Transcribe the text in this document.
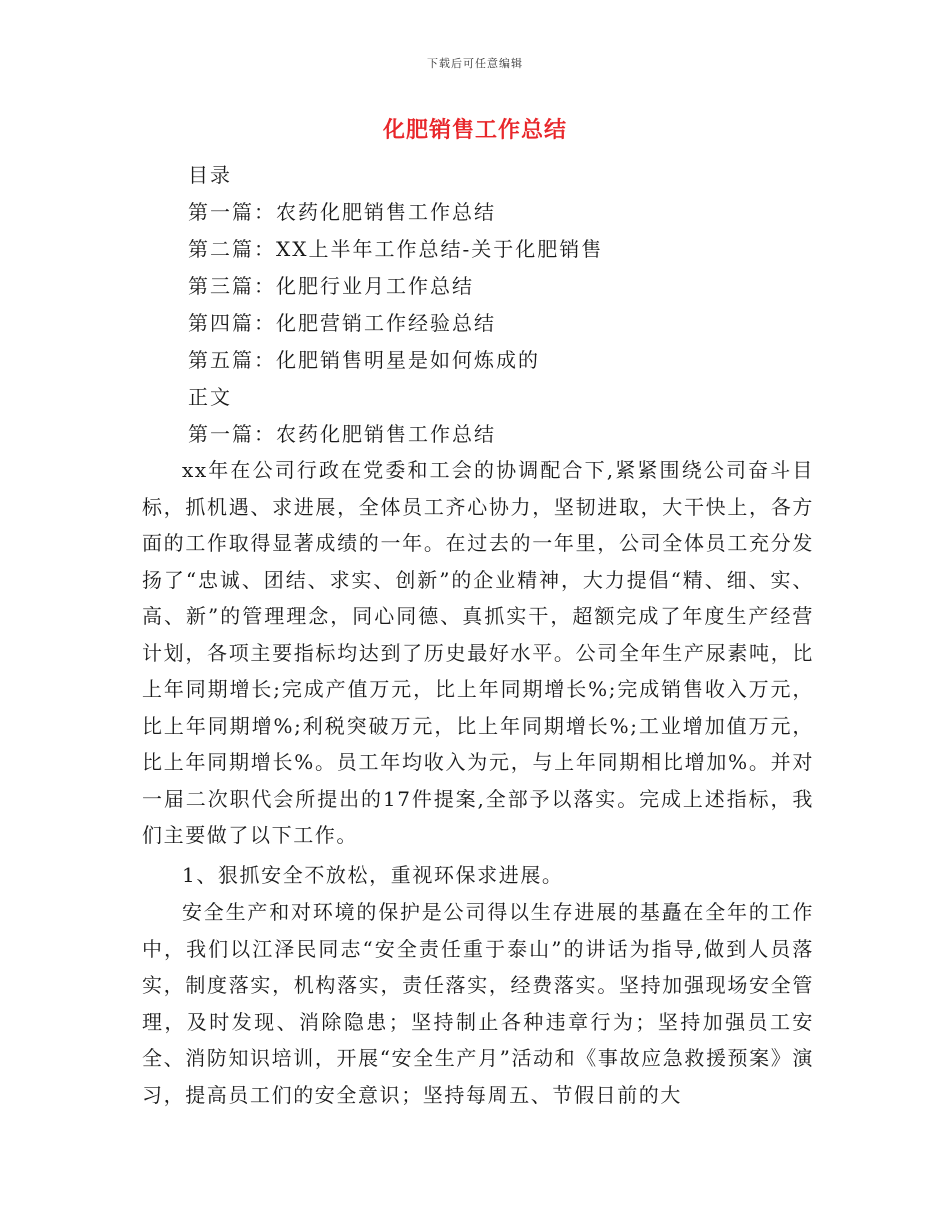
下载后可任意编辑
化肥销售工作总结
目录
第一篇：农药化肥销售工作总结
第二篇：XX上半年工作总结-关于化肥销售
第三篇：化肥行业月工作总结
第四篇：化肥营销工作经验总结
第五篇：化肥销售明星是如何炼成的
正文
第一篇：农药化肥销售工作总结

xx年在公司行政在党委和工会的协调配合下,紧紧围绕公司奋斗目标，抓机遇、求进展，全体员工齐心协力，坚韧进取，大干快上，各方面的工作取得显著成绩的一年。在过去的一年里，公司全体员工充分发扬了“忠诚、团结、求实、创新”的企业精神，大力提倡“精、细、实、高、新”的管理理念，同心同德、真抓实干，超额完成了年度生产经营计划，各项主要指标均达到了历史最好水平。公司全年生产尿素吨，比上年同期增长;完成产值万元，比上年同期增长%;完成销售收入万元，比上年同期增%;利税突破万元，比上年同期增长%;工业增加值万元，比上年同期增长%。员工年均收入为元，与上年同期相比增加%。并对一届二次职代会所提出的17件提案,全部予以落实。完成上述指标，我们主要做了以下工作。

1、狠抓安全不放松，重视环保求进展。

安全生产和对环境的保护是公司得以生存进展的基矗在全年的工作中，我们以江泽民同志“安全责任重于泰山”的讲话为指导,做到人员落实，制度落实，机构落实，责任落实，经费落实。坚持加强现场安全管理，及时发现、消除隐患；坚持制止各种违章行为；坚持加强员工安全、消防知识培训，开展“安全生产月”活动和《事故应急救援预案》演习，提高员工们的安全意识；坚持每周五、节假日前的大
